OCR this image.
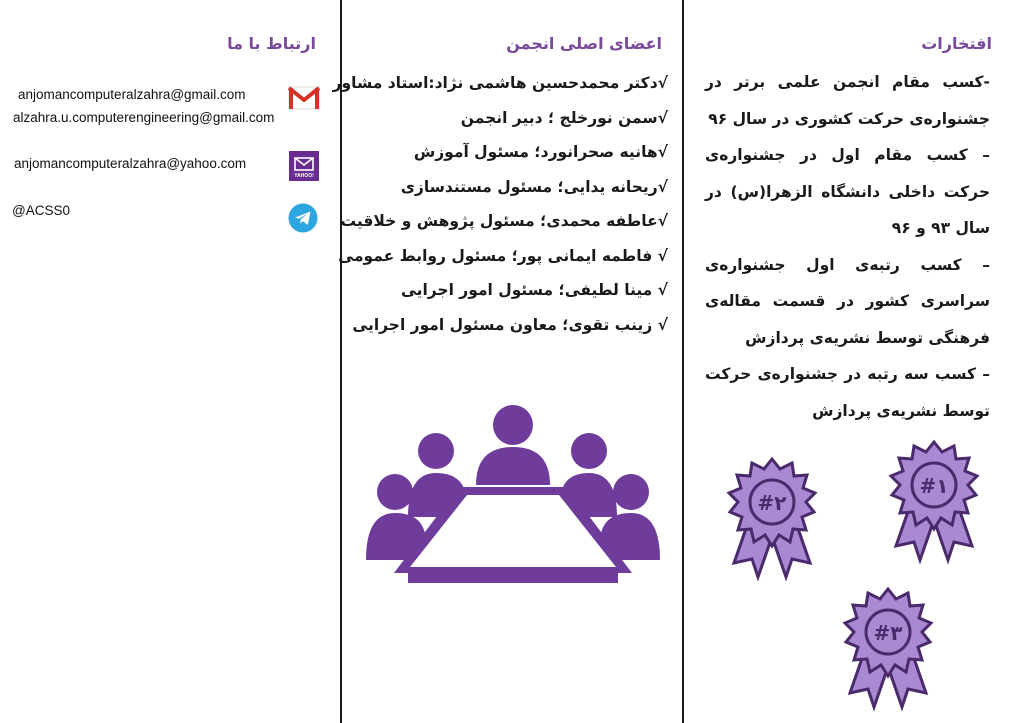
ارتباط با ما
anjomancomputeralzahra@gmail.com
alzahra.u.computerengineering@gmail.com
YAHOO!
anjomancomputeralzahra@yahoo.com
@ACSS0
اعضای اصلی انجمن
√دکتر محمدحسین هاشمی نژاد:استاد مشاور
√سمن نورخلج ؛ دبیر انجمن
√هانیه صحرانورد؛ مسئول آموزش
√ریحانه یدایی؛ مسئول مستندسازی
√عاطفه محمدی؛ مسئول پژوهش و خلاقیت
√ فاطمه ایمانی پور؛ مسئول روابط عمومی
√ مینا لطیفی؛ مسئول امور اجرایی
√ زینب تقوی؛ معاون مسئول امور اجرایی
افتخارات
-کسب مقام انجمن علمی برتر در جشنواره‌ی حرکت کشوری در سال ۹۶
– کسب مقام اول در جشنواره‌ی حرکت داخلی دانشگاه الزهرا(س) در سال ۹۳ و ۹۶
– کسب رتبه‌ی اول جشنواره‌ی سراسری کشور در قسمت مقاله‌ی فرهنگی توسط نشریه‌ی پردازش
– کسب سه رتبه در جشنواره‌ی حرکت توسط نشریه‌ی پردازش
#۲
#۱
#۳
